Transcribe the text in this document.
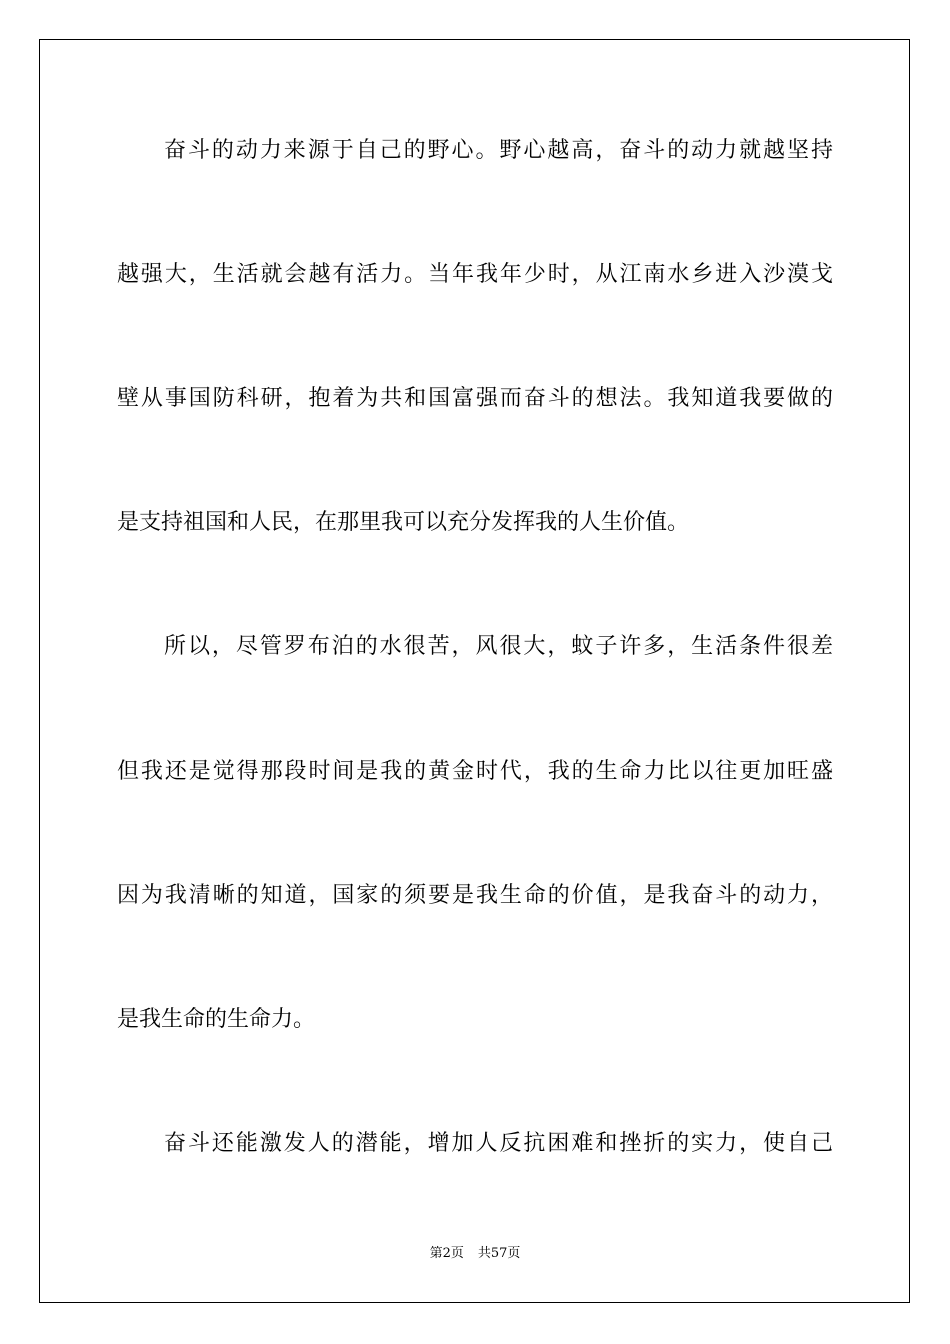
奋斗的动力来源于自己的野心。野心越高，奋斗的动力就越坚持
越强大，生活就会越有活力。当年我年少时，从江南水乡进入沙漠戈
壁从事国防科研，抱着为共和国富强而奋斗的想法。我知道我要做的
是支持祖国和人民，在那里我可以充分发挥我的人生价值。
所以，尽管罗布泊的水很苦，风很大，蚊子许多，生活条件很差
但我还是觉得那段时间是我的黄金时代，我的生命力比以往更加旺盛
因为我清晰的知道，国家的须要是我生命的价值，是我奋斗的动力，
是我生命的生命力。
奋斗还能激发人的潜能，增加人反抗困难和挫折的实力，使自己
第2页 共57页
